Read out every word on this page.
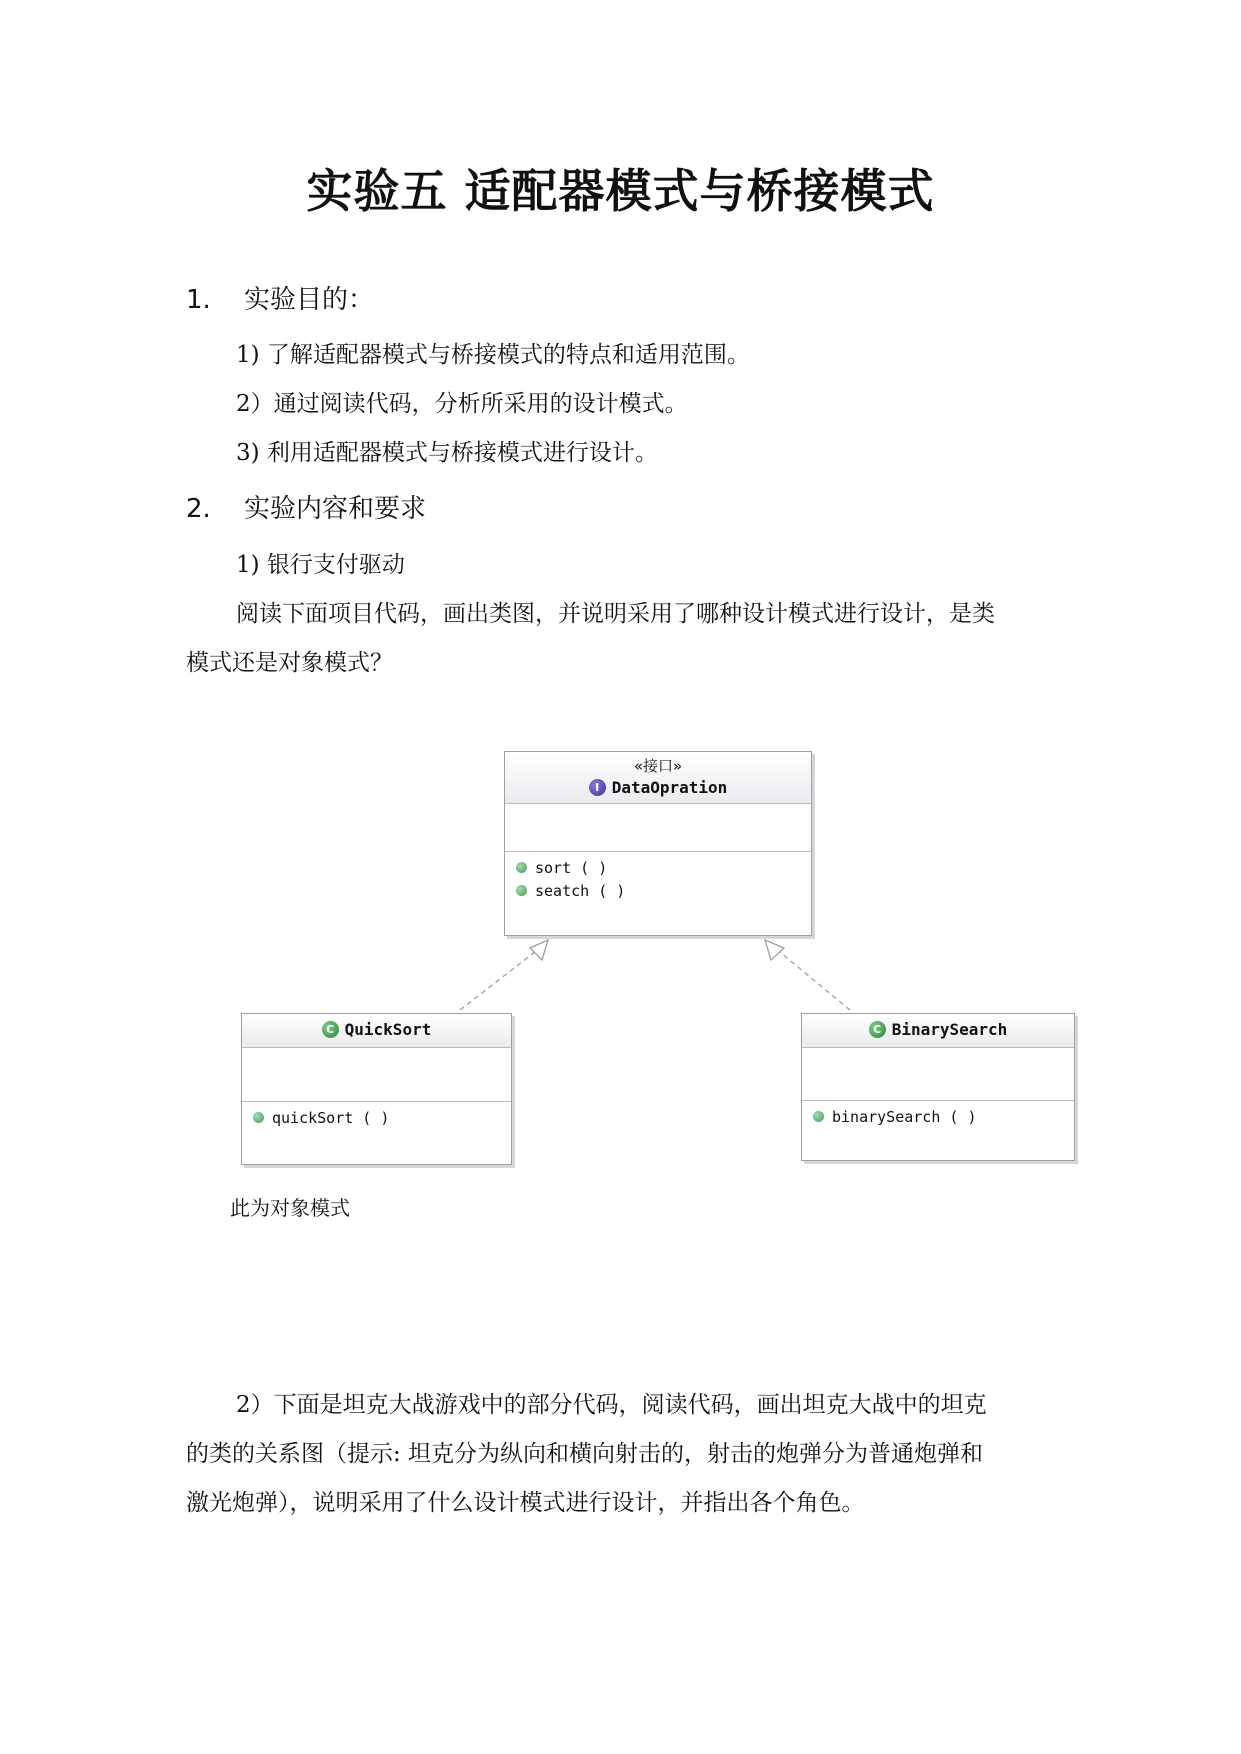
实验五 适配器模式与桥接模式
1. 实验目的：
1) 了解适配器模式与桥接模式的特点和适用范围。
2）通过阅读代码，分析所采用的设计模式。
3) 利用适配器模式与桥接模式进行设计。
2. 实验内容和要求
1) 银行支付驱动
阅读下面项目代码，画出类图，并说明采用了哪种设计模式进行设计，是类
模式还是对象模式？
«接口»
I DataOpration
sort ( )
seatch ( )
C QuickSort
quickSort ( )
C BinarySearch
binarySearch ( )
此为对象模式
2）下面是坦克大战游戏中的部分代码，阅读代码，画出坦克大战中的坦克
的类的关系图（提示: 坦克分为纵向和横向射击的，射击的炮弹分为普通炮弹和
激光炮弹），说明采用了什么设计模式进行设计，并指出各个角色。
